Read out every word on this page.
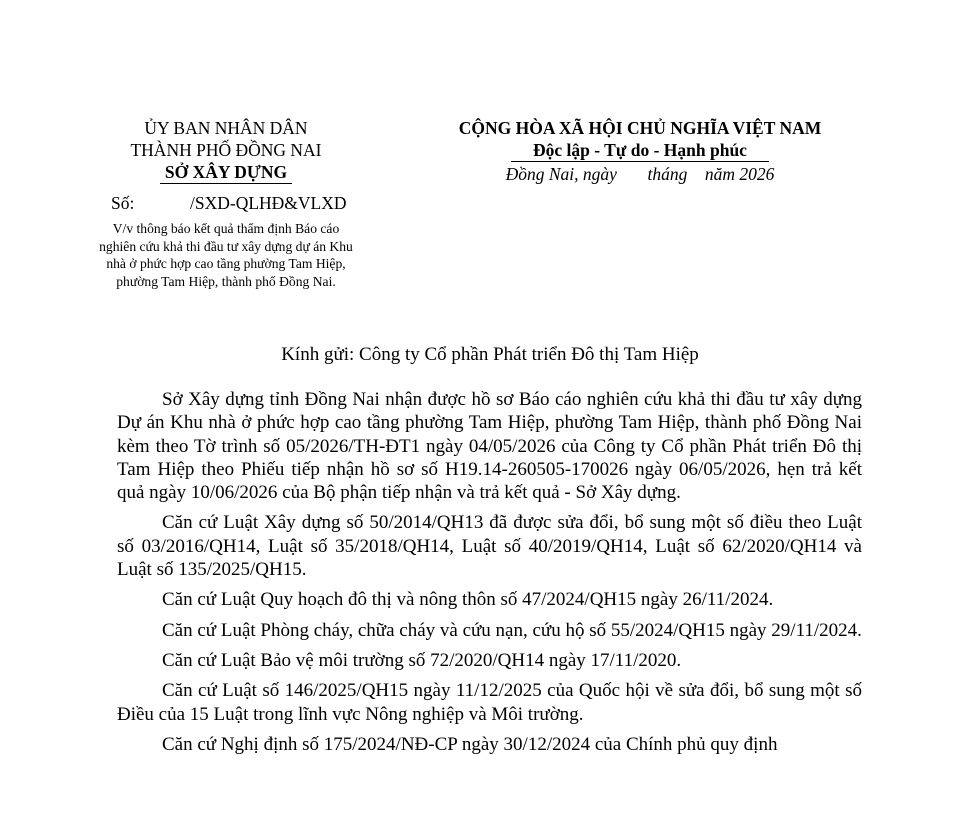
ỦY BAN NHÂN DÂN
THÀNH PHỐ ĐỒNG NAI
SỞ XÂY DỰNG
Số:	/SXD-QLHĐ&VLXD
V/v thông báo kết quả thẩm định Báo cáo
nghiên cứu khả thi đầu tư xây dựng dự án Khu
nhà ở phức hợp cao tầng phường Tam Hiệp,
phường Tam Hiệp, thành phố Đồng Nai.
CỘNG HÒA XÃ HỘI CHỦ NGHĨA VIỆT NAM
Độc lập - Tự do - Hạnh phúc
Đồng Nai, ngày       tháng    năm 2026
Kính gửi: Công ty Cổ phần Phát triển Đô thị Tam Hiệp

Sở Xây dựng tỉnh Đồng Nai nhận được hồ sơ Báo cáo nghiên cứu khả thi đầu tư xây dựng Dự án Khu nhà ở phức hợp cao tầng phường Tam Hiệp, phường Tam Hiệp, thành phố Đồng Nai kèm theo Tờ trình số 05/2026/TH-ĐT1 ngày 04/05/2026 của Công ty Cổ phần Phát triển Đô thị Tam Hiệp theo Phiếu tiếp nhận hồ sơ số H19.14-260505-170026 ngày 06/05/2026, hẹn trả kết quả ngày 10/06/2026 của Bộ phận tiếp nhận và trả kết quả - Sở Xây dựng.

Căn cứ Luật Xây dựng số 50/2014/QH13 đã được sửa đổi, bổ sung một số điều theo Luật số 03/2016/QH14, Luật số 35/2018/QH14, Luật số 40/2019/QH14, Luật số 62/2020/QH14 và Luật số 135/2025/QH15.

Căn cứ Luật Quy hoạch đô thị và nông thôn số 47/2024/QH15 ngày 26/11/2024.

Căn cứ Luật Phòng cháy, chữa cháy và cứu nạn, cứu hộ số 55/2024/QH15 ngày 29/11/2024.

Căn cứ Luật Bảo vệ môi trường số 72/2020/QH14 ngày 17/11/2020.

Căn cứ Luật số 146/2025/QH15 ngày 11/12/2025 của Quốc hội về sửa đổi, bổ sung một số Điều của 15 Luật trong lĩnh vực Nông nghiệp và Môi trường.

Căn cứ Nghị định số 175/2024/NĐ-CP ngày 30/12/2024 của Chính phủ quy định
